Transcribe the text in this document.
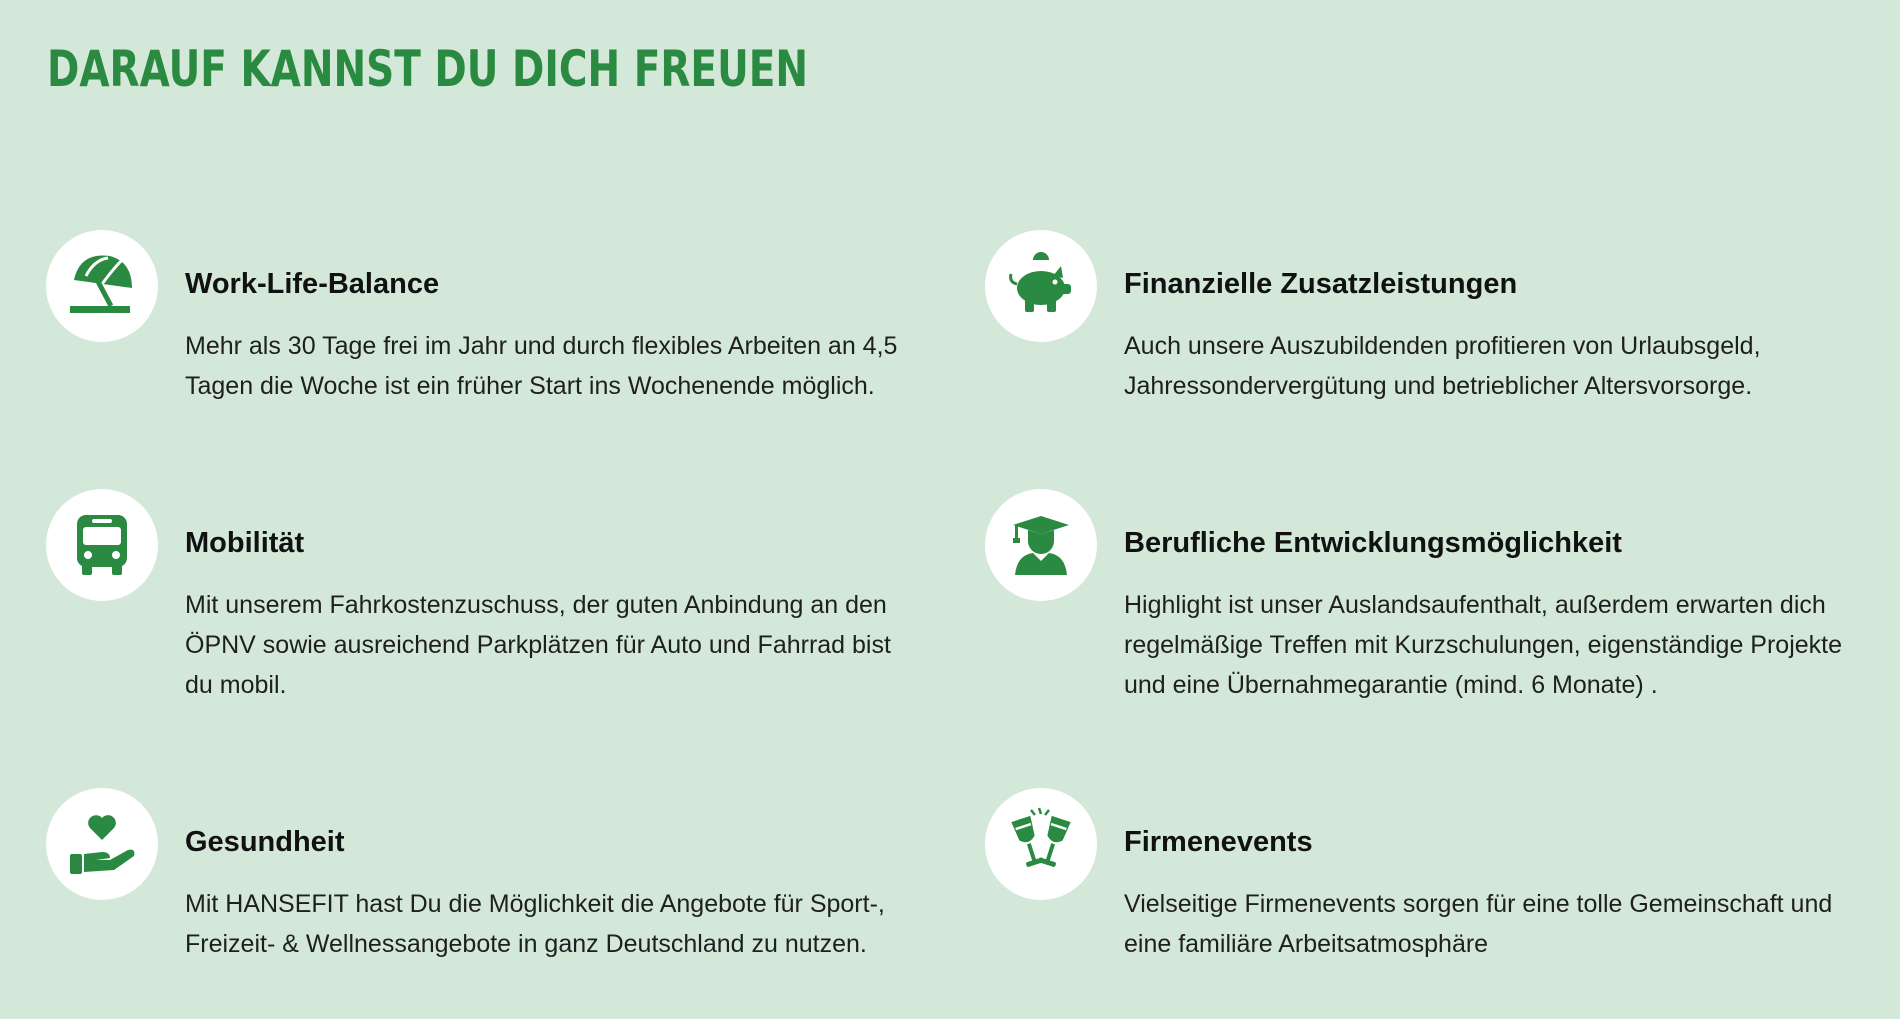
DARAUF KANNST DU DICH FREUEN
Work-Life-Balance

Mehr als 30 Tage frei im Jahr und durch flexibles Arbeiten an 4,5
Tagen die Woche ist ein früher Start ins Wochenende möglich.

Finanzielle Zusatzleistungen

Auch unsere Auszubildenden profitieren von Urlaubsgeld,
Jahressondervergütung und betrieblicher Altersvorsorge.

Mobilität

Mit unserem Fahrkostenzuschuss, der guten Anbindung an den
ÖPNV sowie ausreichend Parkplätzen für Auto und Fahrrad bist
du mobil.

Berufliche Entwicklungsmöglichkeit

Highlight ist unser Auslandsaufenthalt, außerdem erwarten dich
regelmäßige Treffen mit Kurzschulungen, eigenständige Projekte
und eine Übernahmegarantie (mind. 6 Monate) .

Gesundheit

Mit HANSEFIT hast Du die Möglichkeit die Angebote für Sport-,
Freizeit- & Wellnessangebote in ganz Deutschland zu nutzen.

Firmenevents

Vielseitige Firmenevents sorgen für eine tolle Gemeinschaft und
eine familiäre Arbeitsatmosphäre
